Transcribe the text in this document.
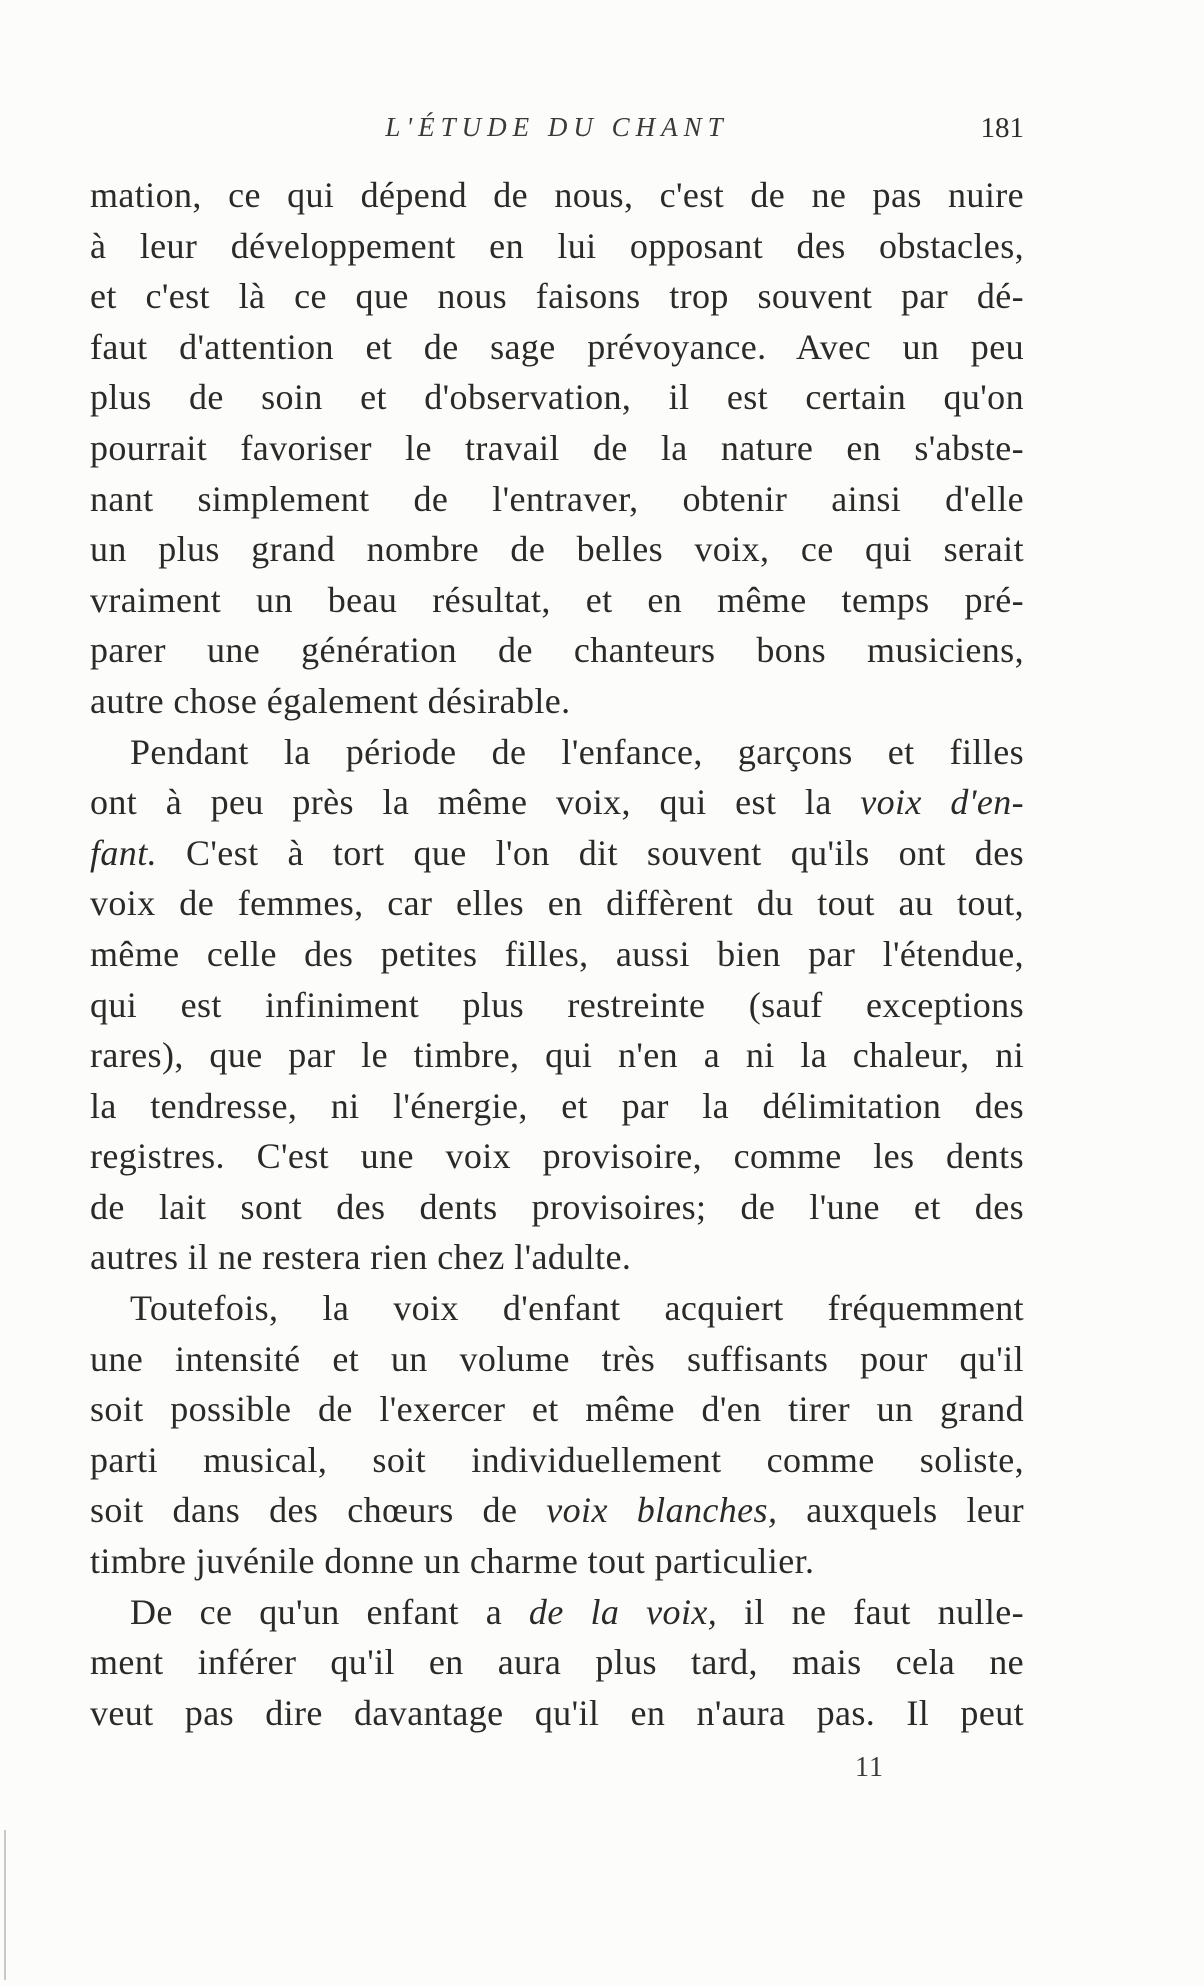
L'ÉTUDE DU CHANT	181
mation, ce qui dépend de nous, c'est de ne pas nuire
à leur développement en lui opposant des obstacles,
et c'est là ce que nous faisons trop souvent par dé-
faut d'attention et de sage prévoyance. Avec un peu
plus de soin et d'observation, il est certain qu'on
pourrait favoriser le travail de la nature en s'abste-
nant simplement de l'entraver, obtenir ainsi d'elle
un plus grand nombre de belles voix, ce qui serait
vraiment un beau résultat, et en même temps pré-
parer une génération de chanteurs bons musiciens,
autre chose également désirable.
Pendant la période de l'enfance, garçons et filles
ont à peu près la même voix, qui est la voix d'en-
fant. C'est à tort que l'on dit souvent qu'ils ont des
voix de femmes, car elles en diffèrent du tout au tout,
même celle des petites filles, aussi bien par l'étendue,
qui est infiniment plus restreinte (sauf exceptions
rares), que par le timbre, qui n'en a ni la chaleur, ni
la tendresse, ni l'énergie, et par la délimitation des
registres. C'est une voix provisoire, comme les dents
de lait sont des dents provisoires; de l'une et des
autres il ne restera rien chez l'adulte.
Toutefois, la voix d'enfant acquiert fréquemment
une intensité et un volume très suffisants pour qu'il
soit possible de l'exercer et même d'en tirer un grand
parti musical, soit individuellement comme soliste,
soit dans des chœurs de voix blanches, auxquels leur
timbre juvénile donne un charme tout particulier.
De ce qu'un enfant a de la voix, il ne faut nulle-
ment inférer qu'il en aura plus tard, mais cela ne
veut pas dire davantage qu'il en n'aura pas. Il peut
11
